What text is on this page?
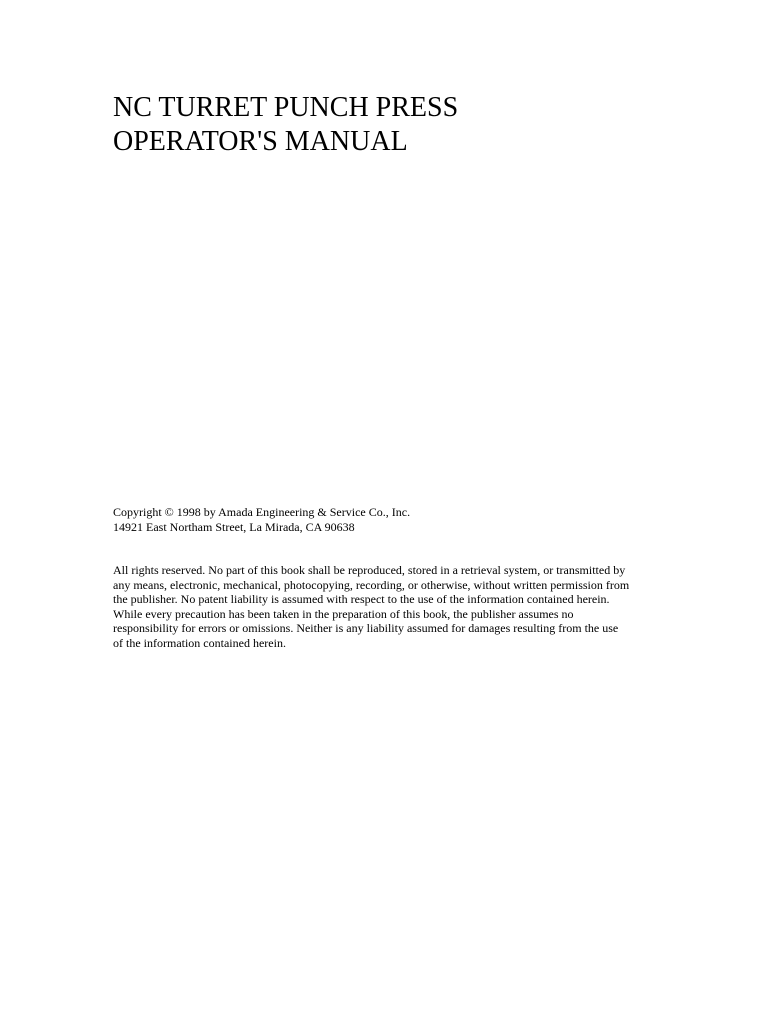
NC TURRET PUNCH PRESS
OPERATOR'S MANUAL
Copyright © 1998 by Amada Engineering & Service Co., Inc.
14921 East Northam Street, La Mirada, CA 90638
All rights reserved. No part of this book shall be reproduced, stored in a retrieval system, or transmitted by
any means, electronic, mechanical, photocopying, recording, or otherwise, without written permission from
the publisher. No patent liability is assumed with respect to the use of the information contained herein.
While every precaution has been taken in the preparation of this book, the publisher assumes no
responsibility for errors or omissions. Neither is any liability assumed for damages resulting from the use
of the information contained herein.
